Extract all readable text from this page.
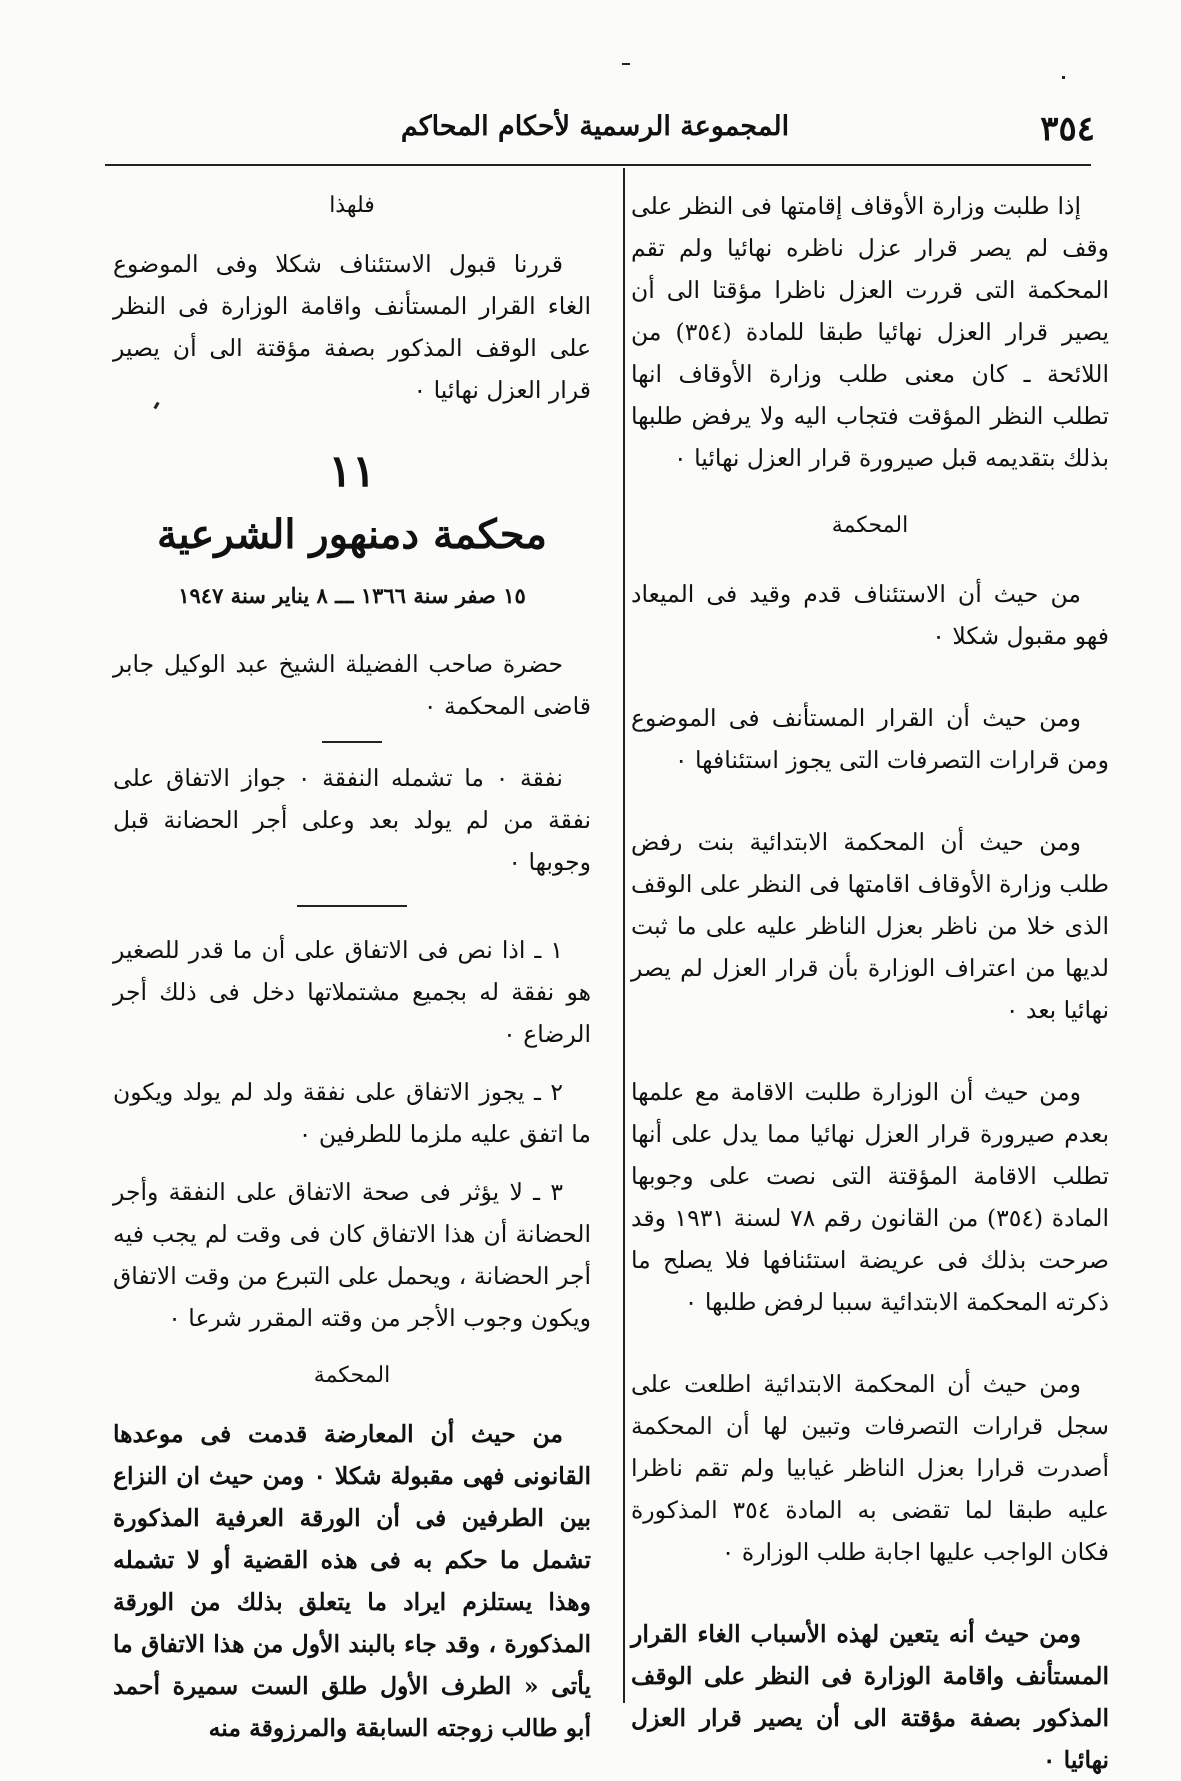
٣٥٤
المجموعة الرسمية لأحكام المحاكم

إذا طلبت وزارة الأوقاف إقامتها فى النظر على وقف لم يصر قرار عزل ناظره نهائيا ولم تقم المحكمة التى قررت العزل ناظرا مؤقتا الى أن يصير قرار العزل نهائيا طبقا للمادة (٣٥٤) من اللائحة ـ كان معنى طلب وزارة الأوقاف انها تطلب النظر المؤقت فتجاب اليه ولا يرفض طلبها بذلك بتقديمه قبل صيرورة قرار العزل نهائيا ٠

المحكمة

من حيث أن الاستئناف قدم وقيد فى الميعاد فهو مقبول شكلا ٠

ومن حيث أن القرار المستأنف فى الموضوع ومن قرارات التصرفات التى يجوز استئنافها ٠

ومن حيث أن المحكمة الابتدائية بنت رفض طلب وزارة الأوقاف اقامتها فى النظر على الوقف الذى خلا من ناظر بعزل الناظر عليه على ما ثبت لديها من اعتراف الوزارة بأن قرار العزل لم يصر نهائيا بعد ٠

ومن حيث أن الوزارة طلبت الاقامة مع علمها بعدم صيرورة قرار العزل نهائيا مما يدل على أنها تطلب الاقامة المؤقتة التى نصت على وجوبها المادة (٣٥٤) من القانون رقم ٧٨ لسنة ١٩٣١ وقد صرحت بذلك فى عريضة استئنافها فلا يصلح ما ذكرته المحكمة الابتدائية سببا لرفض طلبها ٠

ومن حيث أن المحكمة الابتدائية اطلعت على سجل قرارات التصرفات وتبين لها أن المحكمة أصدرت قرارا بعزل الناظر غيابيا ولم تقم ناظرا عليه طبقا لما تقضى به المادة ٣٥٤ المذكورة فكان الواجب عليها اجابة طلب الوزارة ٠

ومن حيث أنه يتعين لهذه الأسباب الغاء القرار المستأنف واقامة الوزارة فى النظر على الوقف المذكور بصفة مؤقتة الى أن يصير قرار العزل نهائيا ٠

فلهذا

قررنا قبول الاستئناف شكلا وفى الموضوع الغاء القرار المستأنف واقامة الوزارة فى النظر على الوقف المذكور بصفة مؤقتة الى أن يصير قرار العزل نهائيا ٠

١١

محكمة دمنهور الشرعية

١٥ صفر سنة ١٣٦٦ ـــ ٨ يناير سنة ١٩٤٧

حضرة صاحب الفضيلة الشيخ عبد الوكيل جابر قاضى المحكمة ٠

نفقة ٠ ما تشمله النفقة ٠ جواز الاتفاق على نفقة من لم يولد بعد وعلى أجر الحضانة قبل وجوبها ٠

١ ـ اذا نص فى الاتفاق على أن ما قدر للصغير هو نفقة له بجميع مشتملاتها دخل فى ذلك أجر الرضاع ٠

٢ ـ يجوز الاتفاق على نفقة ولد لم يولد ويكون ما اتفق عليه ملزما للطرفين ٠

٣ ـ لا يؤثر فى صحة الاتفاق على النفقة وأجر الحضانة أن هذا الاتفاق كان فى وقت لم يجب فيه أجر الحضانة ، ويحمل على التبرع من وقت الاتفاق ويكون وجوب الأجر من وقته المقرر شرعا ٠

المحكمة

من حيث أن المعارضة قدمت فى موعدها القانونى فهى مقبولة شكلا ٠ ومن حيث ان النزاع بين الطرفين فى أن الورقة العرفية المذكورة تشمل ما حكم به فى هذه القضية أو لا تشمله وهذا يستلزم ايراد ما يتعلق بذلك من الورقة المذكورة ، وقد جاء بالبند الأول من هذا الاتفاق ما يأتى « الطرف الأول طلق الست سميرة أحمد أبو طالب زوجته السابقة والمرزوقة منه
